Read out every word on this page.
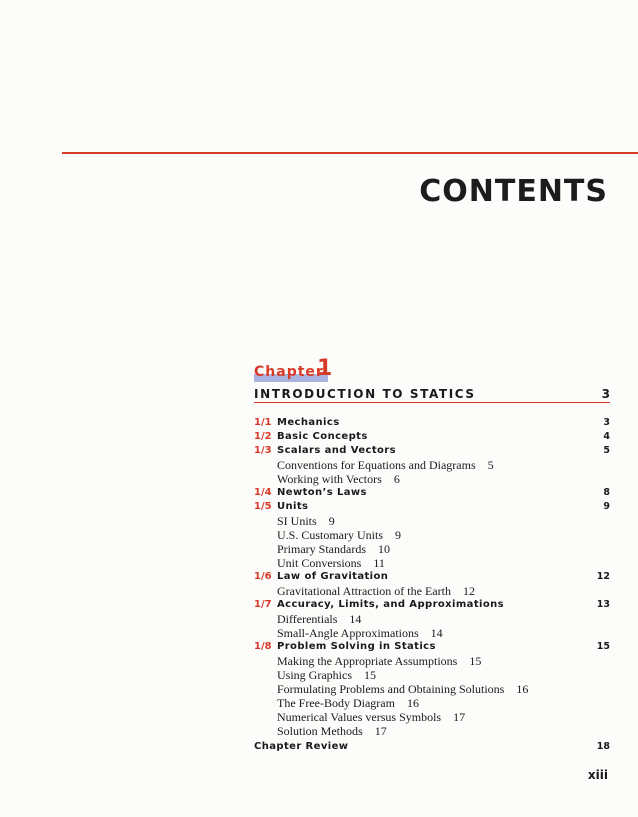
CONTENTS
Chapter
1
INTRODUCTION TO STATICS	3
1/1 Mechanics	3
1/2 Basic Concepts	4
1/3 Scalars and Vectors	5
Conventions for Equations and Diagrams 5
Working with Vectors 6
1/4 Newton’s Laws	8
1/5 Units	9
SI Units 9
U.S. Customary Units 9
Primary Standards 10
Unit Conversions 11
1/6 Law of Gravitation	12
Gravitational Attraction of the Earth 12
1/7 Accuracy, Limits, and Approximations	13
Differentials 14
Small-Angle Approximations 14
1/8 Problem Solving in Statics	15
Making the Appropriate Assumptions 15
Using Graphics 15
Formulating Problems and Obtaining Solutions 16
The Free-Body Diagram 16
Numerical Values versus Symbols 17
Solution Methods 17
Chapter Review	18
xiii
